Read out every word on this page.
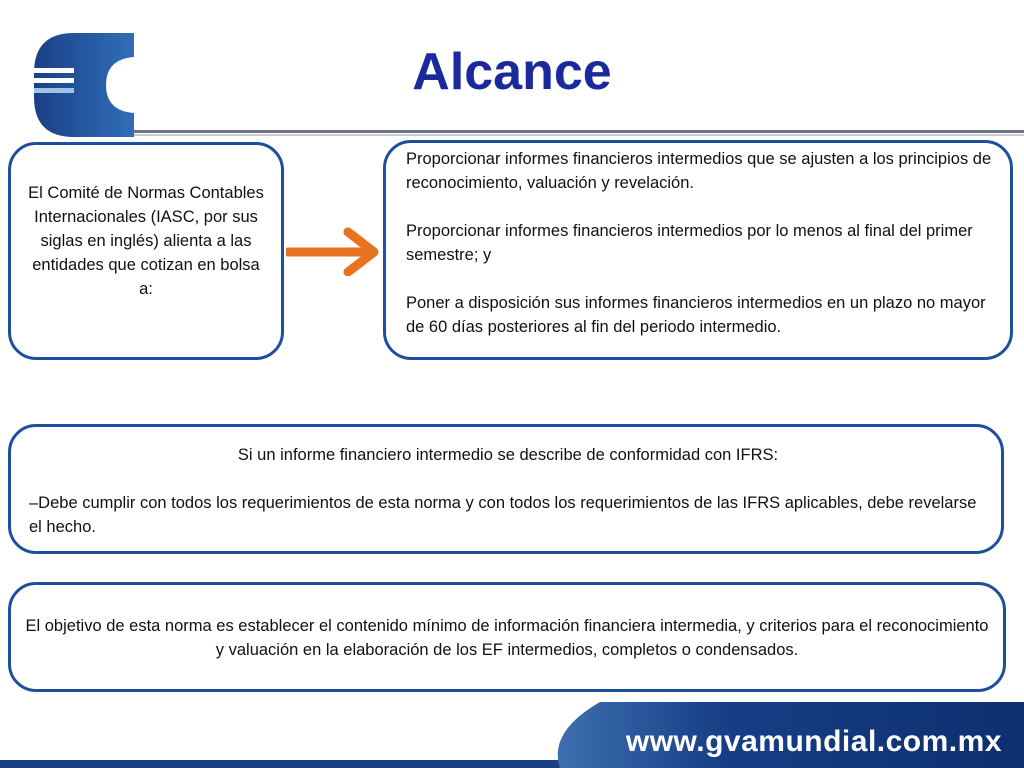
Alcance
El Comité de Normas Contables Internacionales (IASC, por sus siglas en inglés) alienta a las entidades que cotizan en bolsa a:

Proporcionar informes financieros intermedios que se ajusten a los principios de reconocimiento, valuación y revelación.

Proporcionar informes financieros intermedios por lo menos al final del primer semestre; y

Poner a disposición sus informes financieros intermedios en un plazo no mayor de 60 días posteriores al fin del periodo intermedio.

Si un informe financiero intermedio se describe de conformidad con IFRS:

–Debe cumplir con todos los requerimientos de esta norma y con todos los requerimientos de las IFRS aplicables, debe revelarse el hecho.

El objetivo de esta norma es establecer el contenido mínimo de información financiera intermedia, y criterios para el reconocimiento y valuación en la elaboración de los EF intermedios, completos o condensados.
www.gvamundial.com.mx
